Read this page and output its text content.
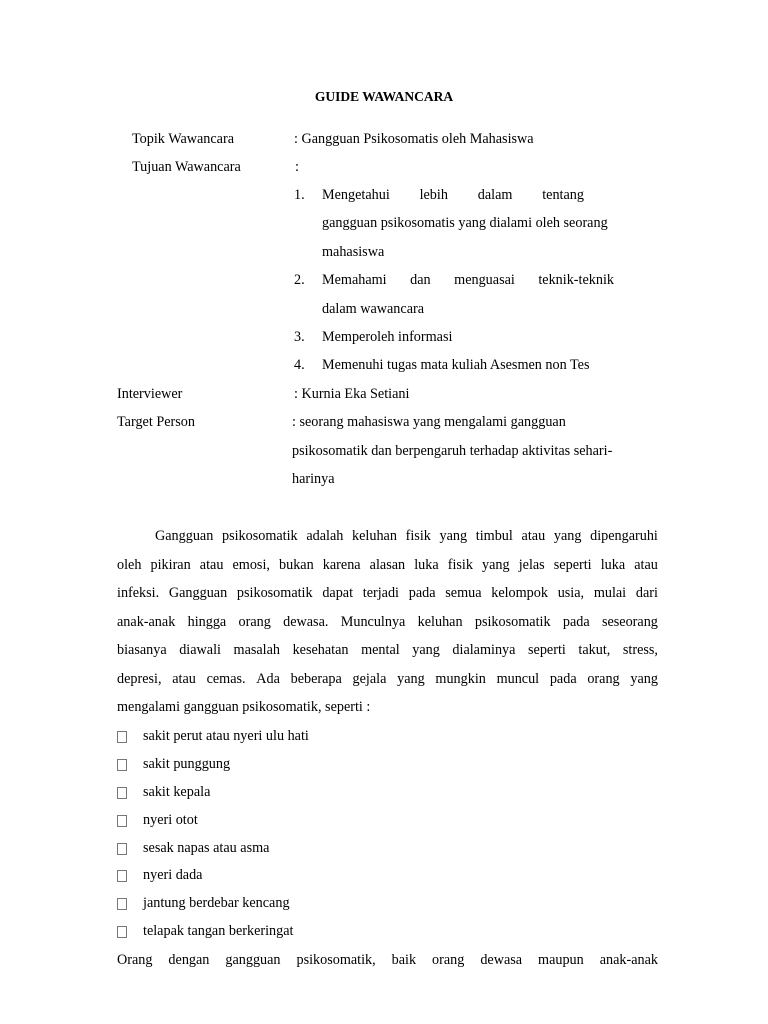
GUIDE WAWANCARA
Topik Wawancara	: Gangguan Psikosomatis oleh Mahasiswa
Tujuan Wawancara	:
1. Mengetahui lebih dalam tentang
gangguan psikosomatis yang dialami oleh seorang
mahasiswa
2. Memahami dan menguasai teknik-teknik
dalam wawancara
3. Memperoleh informasi
4. Memenuhi tugas mata kuliah Asesmen non Tes
Interviewer	: Kurnia Eka Setiani
Target Person	: seorang mahasiswa yang mengalami gangguan
psikosomatik dan berpengaruh terhadap aktivitas sehari-
harinya
Gangguan psikosomatik adalah keluhan fisik yang timbul atau yang dipengaruhi
oleh pikiran atau emosi, bukan karena alasan luka fisik yang jelas seperti luka atau
infeksi. Gangguan psikosomatik dapat terjadi pada semua kelompok usia, mulai dari
anak-anak hingga orang dewasa. Munculnya keluhan psikosomatik pada seseorang
biasanya diawali masalah kesehatan mental yang dialaminya seperti takut, stress,
depresi, atau cemas. Ada beberapa gejala yang mungkin muncul pada orang yang
mengalami gangguan psikosomatik, seperti :
sakit perut atau nyeri ulu hati
sakit punggung
sakit kepala
nyeri otot
sesak napas atau asma
nyeri dada
jantung berdebar kencang
telapak tangan berkeringat
Orang dengan gangguan psikosomatik, baik orang dewasa maupun anak-anak
